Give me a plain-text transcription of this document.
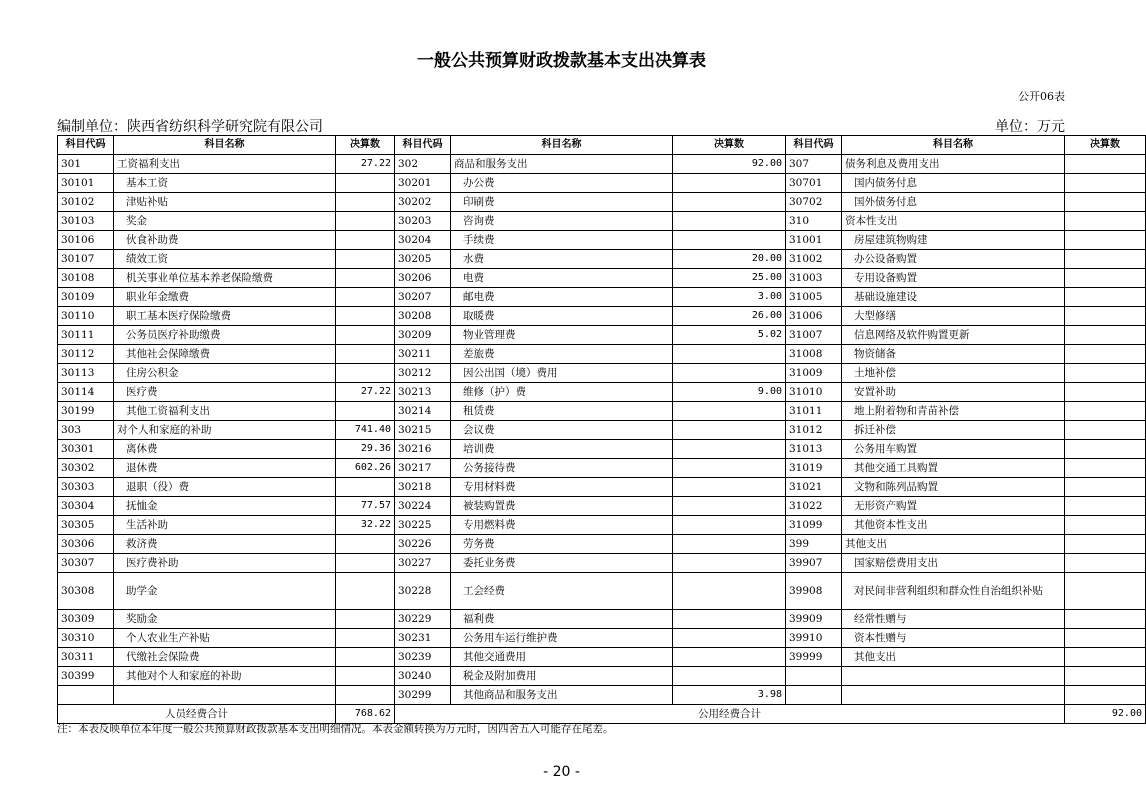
一般公共预算财政拨款基本支出决算表
公开06表
编制单位：陕西省纺织科学研究院有限公司	单位：万元
科目代码	科目名称	决算数	科目代码	科目名称	决算数	科目代码	科目名称	决算数
301	工资福利支出	27.22	302	商品和服务支出	92.00	307	债务利息及费用支出	
30101	基本工资		30201	办公费		30701	国内债务付息	
30102	津贴补贴		30202	印刷费		30702	国外债务付息	
30103	奖金		30203	咨询费		310	资本性支出	
30106	伙食补助费		30204	手续费		31001	房屋建筑物购建	
30107	绩效工资		30205	水费	20.00	31002	办公设备购置	
30108	机关事业单位基本养老保险缴费		30206	电费	25.00	31003	专用设备购置	
30109	职业年金缴费		30207	邮电费	3.00	31005	基础设施建设	
30110	职工基本医疗保险缴费		30208	取暖费	26.00	31006	大型修缮	
30111	公务员医疗补助缴费		30209	物业管理费	5.02	31007	信息网络及软件购置更新	
30112	其他社会保障缴费		30211	差旅费		31008	物资储备	
30113	住房公积金		30212	因公出国（境）费用		31009	土地补偿	
30114	医疗费	27.22	30213	维修（护）费	9.00	31010	安置补助	
30199	其他工资福利支出		30214	租赁费		31011	地上附着物和青苗补偿	
303	对个人和家庭的补助	741.40	30215	会议费		31012	拆迁补偿	
30301	离休费	29.36	30216	培训费		31013	公务用车购置	
30302	退休费	602.26	30217	公务接待费		31019	其他交通工具购置	
30303	退职（役）费		30218	专用材料费		31021	文物和陈列品购置	
30304	抚恤金	77.57	30224	被装购置费		31022	无形资产购置	
30305	生活补助	32.22	30225	专用燃料费		31099	其他资本性支出	
30306	救济费		30226	劳务费		399	其他支出	
30307	医疗费补助		30227	委托业务费		39907	国家赔偿费用支出	
30308	助学金		30228	工会经费		39908	对民间非营利组织和群众性自治组织补贴	
30309	奖励金		30229	福利费		39909	经常性赠与	
30310	个人农业生产补贴		30231	公务用车运行维护费		39910	资本性赠与	
30311	代缴社会保险费		30239	其他交通费用		39999	其他支出	
30399	其他对个人和家庭的补助		30240	税金及附加费用				
			30299	其他商品和服务支出	3.98			
人员经费合计		768.62	公用经费合计					92.00
注：本表反映单位本年度一般公共预算财政拨款基本支出明细情况。本表金额转换为万元时，因四舍五入可能存在尾差。
- 20 -
